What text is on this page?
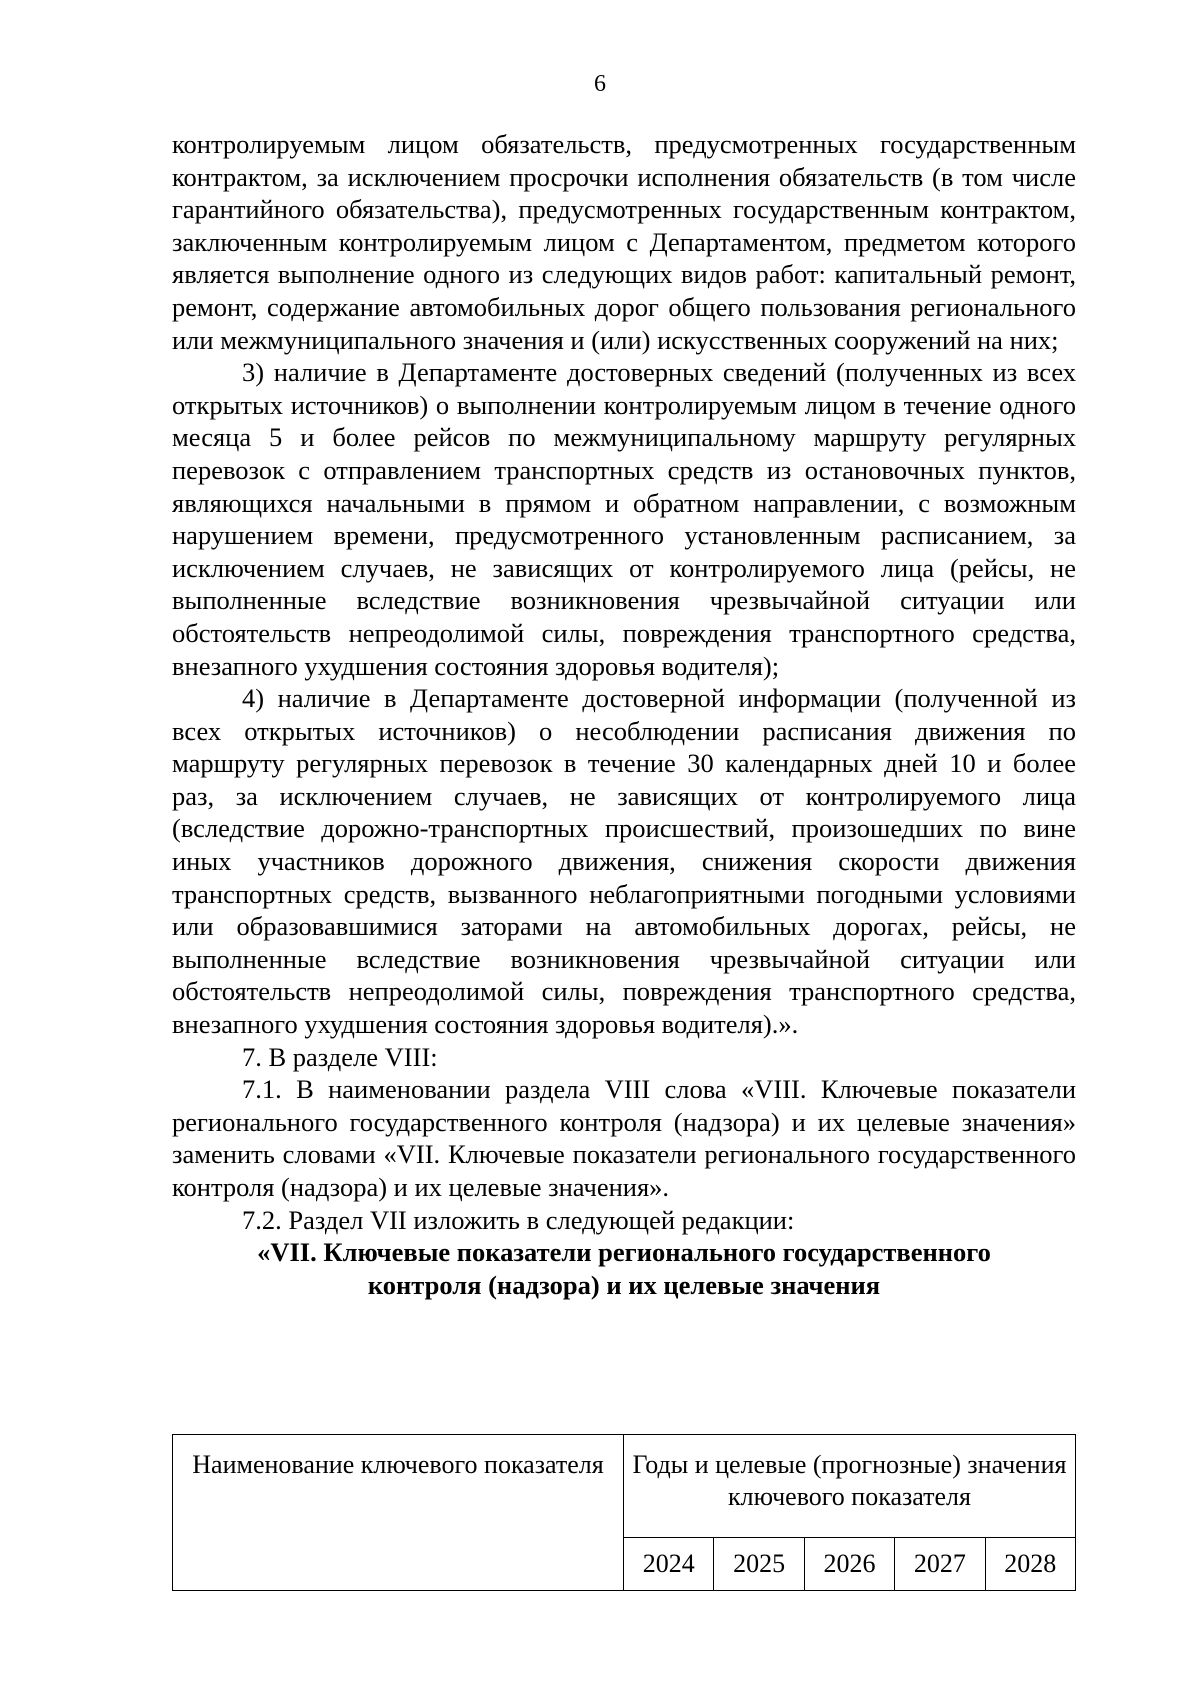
6

контролируемым лицом обязательств, предусмотренных государственным контрактом, за исключением просрочки исполнения обязательств (в том числе гарантийного обязательства), предусмотренных государственным контрактом, заключенным контролируемым лицом с Департаментом, предметом которого является выполнение одного из следующих видов работ: капитальный ремонт, ремонт, содержание автомобильных дорог общего пользования регионального или межмуниципального значения и (или) искусственных сооружений на них;

3) наличие в Департаменте достоверных сведений (полученных из всех открытых источников) о выполнении контролируемым лицом в течение одного месяца 5 и более рейсов по межмуниципальному маршруту регулярных перевозок с отправлением транспортных средств из остановочных пунктов, являющихся начальными в прямом и обратном направлении, с возможным нарушением времени, предусмотренного установленным расписанием, за исключением случаев, не зависящих от контролируемого лица (рейсы, не выполненные вследствие возникновения чрезвычайной ситуации или обстоятельств непреодолимой силы, повреждения транспортного средства, внезапного ухудшения состояния здоровья водителя);

4) наличие в Департаменте достоверной информации (полученной из всех открытых источников) о несоблюдении расписания движения по маршруту регулярных перевозок в течение 30 календарных дней 10 и более раз, за исключением случаев, не зависящих от контролируемого лица (вследствие дорожно-транспортных происшествий, произошедших по вине иных участников дорожного движения, снижения скорости движения транспортных средств, вызванного неблагоприятными погодными условиями или образовавшимися заторами на автомобильных дорогах, рейсы, не выполненные вследствие возникновения чрезвычайной ситуации или обстоятельств непреодолимой силы, повреждения транспортного средства, внезапного ухудшения состояния здоровья водителя).».

7. В разделе VIII:

7.1. В наименовании раздела VIII слова «VIII. Ключевые показатели регионального государственного контроля (надзора) и их целевые значения» заменить словами «VII. Ключевые показатели регионального государственного контроля (надзора) и их целевые значения».

7.2. Раздел VII изложить в следующей редакции:

«VII. Ключевые показатели регионального государственного
контроля (надзора) и их целевые значения
Наименование ключевого показателя	Годы и целевые (прогнозные) значения ключевого показателя				
	2024	2025	2026	2027	2028
